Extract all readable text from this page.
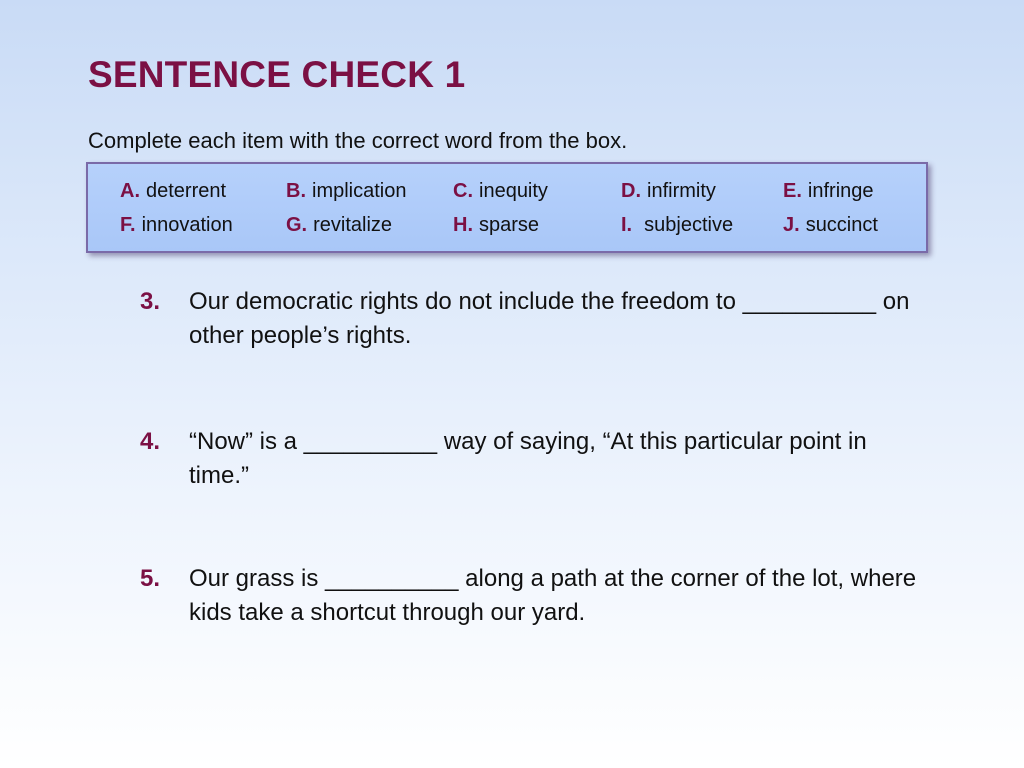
SENTENCE CHECK 1

Complete each item with the correct word from the box.

A. deterrent	B. implication C. inequity	D. infirmity	E. infringe
F. innovation	G. revitalize	H. sparse	I. subjective J. succinct
3. Our democratic rights do not include the freedom to __________ on other people’s rights.
4. “Now” is a __________ way of saying, “At this particular point in time.”
5. Our grass is __________ along a path at the corner of the lot, where kids take a shortcut through our yard.
